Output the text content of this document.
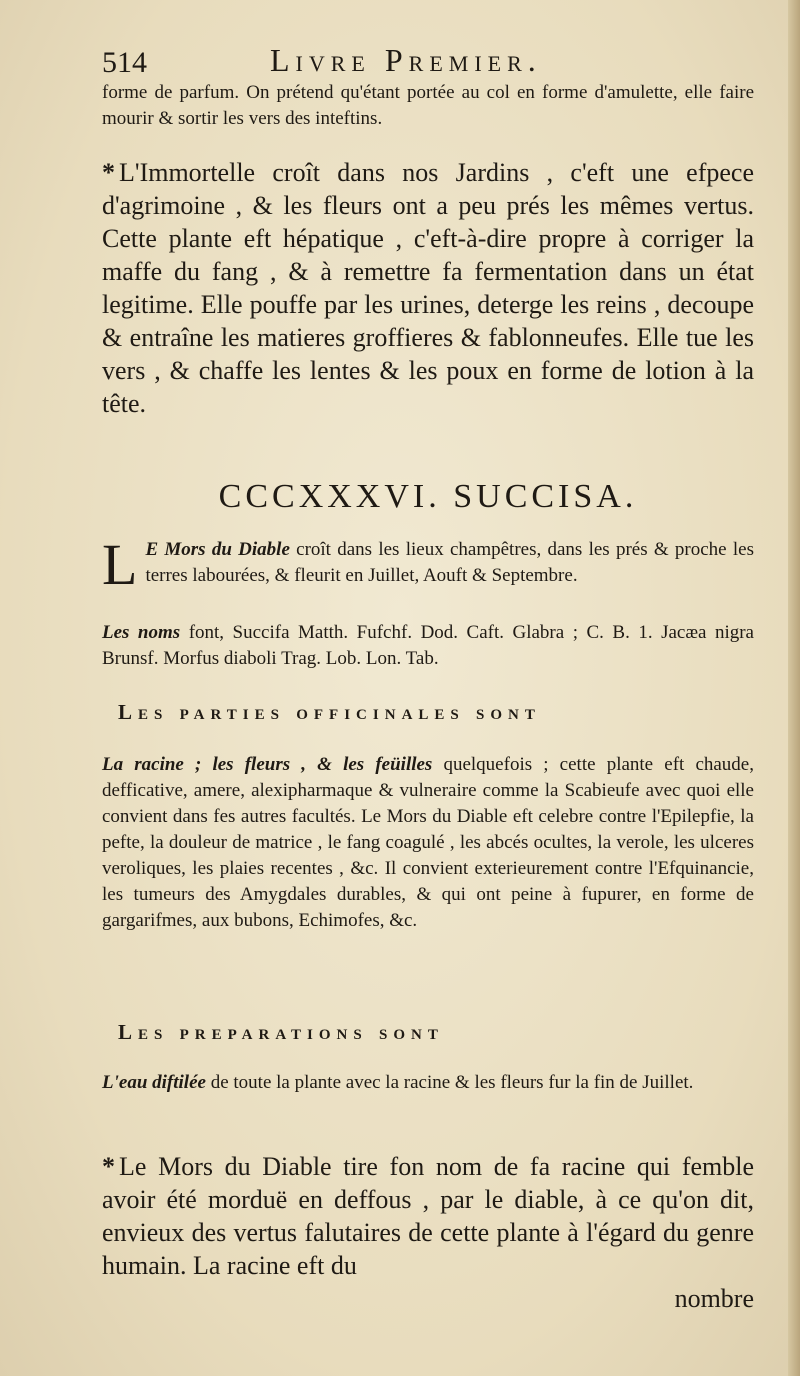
514	Livre Premier.

forme de parfum. On prétend qu'étant portée au col en forme d'amulette, elle faire mourir & sortir les vers des inteftins.

* L'Immortelle croît dans nos Jardins , c'eft une efpece d'agrimoine , & les fleurs ont a peu prés les mêmes vertus. Cette plante eft hépatique , c'eft-à-dire propre à corriger la maffe du fang , & à remettre fa fermentation dans un état legitime. Elle pouffe par les urines, deterge les reins , decoupe & entraîne les matieres groffieres & fablonneufes. Elle tue les vers , & chaffe les lentes & les poux en forme de lotion à la tête.

CCCXXXVI. SUCCISA.

L E Mors du Diable croît dans les lieux champêtres, dans les prés & proche les terres labourées, & fleurit en Juillet, Aouft & Septembre.

Les noms font, Succifa Matth. Fufchf. Dod. Caft. Glabra ; C. B. 1. Jacæa nigra Brunsf. Morfus diaboli Trag. Lob. Lon. Tab.

Les parties officinales sont

La racine ; les fleurs , & les feüilles quelquefois ; cette plante eft chaude, defficative, amere, alexipharmaque & vulneraire comme la Scabieufe avec quoi elle convient dans fes autres facultés. Le Mors du Diable eft celebre contre l'Epilepfie, la pefte, la douleur de matrice , le fang coagulé , les abcés ocultes, la verole, les ulceres veroliques, les plaies recentes , &c. Il convient exterieurement contre l'Efquinancie, les tumeurs des Amygdales durables, & qui ont peine à fupurer, en forme de gargarifmes, aux bubons, Echimofes, &c.

Les preparations sont

L'eau diftilée de toute la plante avec la racine & les fleurs fur la fin de Juillet.

* Le Mors du Diable tire fon nom de fa racine qui femble avoir été morduë en deffous , par le diable, à ce qu'on dit, envieux des vertus falutaires de cette plante à l'égard du genre humain. La racine eft du
nombre
